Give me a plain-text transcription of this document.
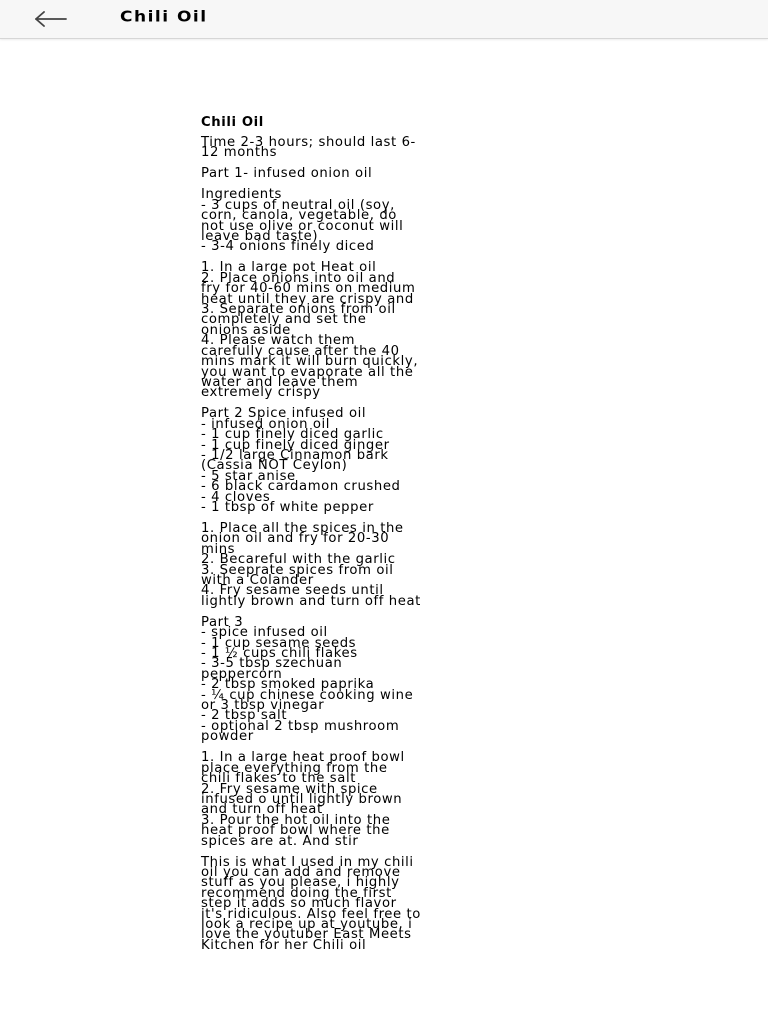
Chili Oil
Chili Oil
Time 2-3 hours; should last 6-
12 months
Part 1- infused onion oil
Ingredients
- 3 cups of neutral oil (soy,
corn, canola, vegetable, do
not use olive or coconut will
leave bad taste)
- 3-4 onions finely diced
1. In a large pot Heat oil
2. Place onions into oil and
fry for 40-60 mins on medium
heat until they are crispy and
3. Separate onions from oil
completely and set the
onions aside
4. Please watch them
carefully cause after the 40
mins mark it will burn quickly,
you want to evaporate all the
water and leave them
extremely crispy
Part 2 Spice infused oil
- infused onion oil
- 1 cup finely diced garlic
- 1 cup finely diced ginger
- 1/2 large Cinnamon bark
(Cassia NOT Ceylon)
- 5 star anise
- 6 black cardamon crushed
- 4 cloves
- 1 tbsp of white pepper
1. Place all the spices in the
onion oil and fry for 20-30
mins
2. Becareful with the garlic
3. Seeprate spices from oil
with a Colander
4. Fry sesame seeds until
lightly brown and turn off heat
Part 3
- spice infused oil
- 1 cup sesame seeds
- 1 ½ cups chili flakes
- 3-5 tbsp szechuan
peppercorn
- 2 tbsp smoked paprika
- ¼ cup chinese cooking wine
or 3 tbsp vinegar
- 2 tbsp salt
- optional 2 tbsp mushroom
powder
1. In a large heat proof bowl
place everything from the
chili flakes to the salt
2. Fry sesame with spice
infused o until lightly brown
and turn off heat
3. Pour the hot oil into the
heat proof bowl where the
spices are at. And stir
This is what I used in my chili
oil you can add and remove
stuff as you please, i highly
recommend doing the first
step it adds so much flavor
it's ridiculous. Also feel free to
look a recipe up at youtube, i
love the youtuber East Meets
Kitchen for her Chili oil
